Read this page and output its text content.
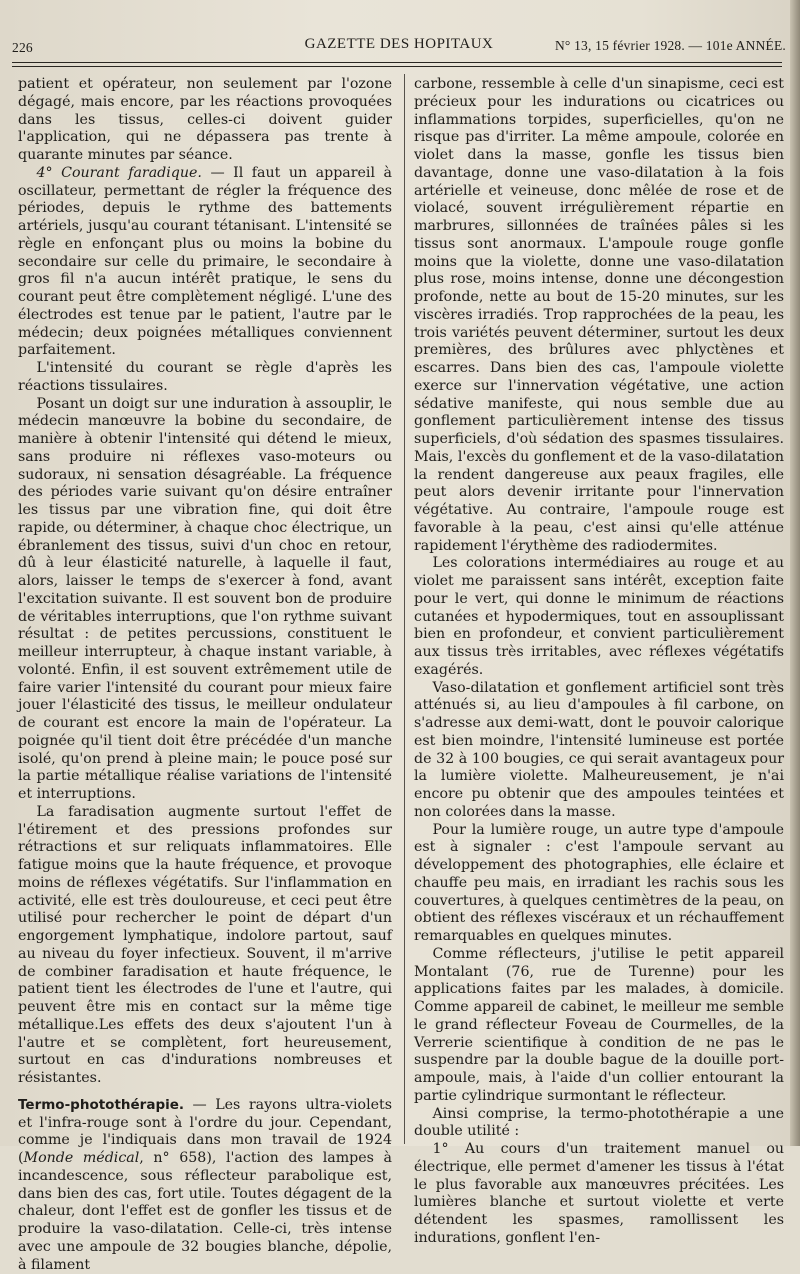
226	GAZETTE DES HOPITAUX	N° 13, 15 février 1928. — 101e ANNÉE.

patient et opérateur, non seulement par l'ozone dégagé, mais encore, par les réactions provoquées dans les tissus, celles-ci doivent guider l'application, qui ne dépassera pas trente à quarante minutes par séance.

4° Courant faradique. — Il faut un appareil à oscillateur, permettant de régler la fréquence des périodes, depuis le rythme des battements artériels, jusqu'au courant tétanisant. L'intensité se règle en enfonçant plus ou moins la bobine du secondaire sur celle du primaire, le secondaire à gros fil n'a aucun intérêt pratique, le sens du courant peut être complètement négligé. L'une des électrodes est tenue par le patient, l'autre par le médecin; deux poignées métalliques conviennent parfaitement.

L'intensité du courant se règle d'après les réactions tissulaires.

Posant un doigt sur une induration à assouplir, le médecin manœuvre la bobine du secondaire, de manière à obtenir l'intensité qui détend le mieux, sans produire ni réflexes vaso-moteurs ou sudoraux, ni sensation désagréable. La fréquence des périodes varie suivant qu'on désire entraîner les tissus par une vibration fine, qui doit être rapide, ou déterminer, à chaque choc électrique, un ébranlement des tissus, suivi d'un choc en retour, dû à leur élasticité naturelle, à laquelle il faut, alors, laisser le temps de s'exercer à fond, avant l'excitation suivante. Il est souvent bon de produire de véritables interruptions, que l'on rythme suivant résultat : de petites percussions, constituent le meilleur interrupteur, à chaque instant variable, à volonté. Enfin, il est souvent extrêmement utile de faire varier l'intensité du courant pour mieux faire jouer l'élasticité des tissus, le meilleur ondulateur de courant est encore la main de l'opérateur. La poignée qu'il tient doit être précédée d'un manche isolé, qu'on prend à pleine main; le pouce posé sur la partie métallique réalise variations de l'intensité et interruptions.

La faradisation augmente surtout l'effet de l'étirement et des pressions profondes sur rétractions et sur reliquats inflammatoires. Elle fatigue moins que la haute fréquence, et provoque moins de réflexes végétatifs. Sur l'inflammation en activité, elle est très douloureuse, et ceci peut être utilisé pour rechercher le point de départ d'un engorgement lymphatique, indolore partout, sauf au niveau du foyer infectieux. Souvent, il m'arrive de combiner faradisation et haute fréquence, le patient tient les électrodes de l'une et l'autre, qui peuvent être mis en contact sur la même tige métallique.Les effets des deux s'ajoutent l'un à l'autre et se complètent, fort heureusement, surtout en cas d'indurations nombreuses et résistantes.

Termo-photothérapie. — Les rayons ultra-violets et l'infra-rouge sont à l'ordre du jour. Cependant, comme je l'indiquais dans mon travail de 1924 (Monde médical, n° 658), l'action des lampes à incandescence, sous réflecteur parabolique est, dans bien des cas, fort utile. Toutes dégagent de la chaleur, dont l'effet est de gonfler les tissus et de produire la vaso-dilatation. Celle-ci, très intense avec une ampoule de 32 bougies blanche, dépolie, à filament

carbone, ressemble à celle d'un sinapisme, ceci est précieux pour les indurations ou cicatrices ou inflammations torpides, superficielles, qu'on ne risque pas d'irriter. La même ampoule, colorée en violet dans la masse, gonfle les tissus bien davantage, donne une vaso-dilatation à la fois artérielle et veineuse, donc mêlée de rose et de violacé, souvent irrégulièrement répartie en marbrures, sillonnées de traînées pâles si les tissus sont anormaux. L'ampoule rouge gonfle moins que la violette, donne une vaso-dilatation plus rose, moins intense, donne une décongestion profonde, nette au bout de 15-20 minutes, sur les viscères irradiés. Trop rapprochées de la peau, les trois variétés peuvent déterminer, surtout les deux premières, des brûlures avec phlyctènes et escarres. Dans bien des cas, l'ampoule violette exerce sur l'innervation végétative, une action sédative manifeste, qui nous semble due au gonflement particulièrement intense des tissus superficiels, d'où sédation des spasmes tissulaires. Mais, l'excès du gonflement et de la vaso-dilatation la rendent dangereuse aux peaux fragiles, elle peut alors devenir irritante pour l'innervation végétative. Au contraire, l'ampoule rouge est favorable à la peau, c'est ainsi qu'elle atténue rapidement l'érythème des radiodermites.

Les colorations intermédiaires au rouge et au violet me paraissent sans intérêt, exception faite pour le vert, qui donne le minimum de réactions cutanées et hypodermiques, tout en assouplissant bien en profondeur, et convient particulièrement aux tissus très irritables, avec réflexes végétatifs exagérés.

Vaso-dilatation et gonflement artificiel sont très atténués si, au lieu d'ampoules à fil carbone, on s'adresse aux demi-watt, dont le pouvoir calorique est bien moindre, l'intensité lumineuse est portée de 32 à 100 bougies, ce qui serait avantageux pour la lumière violette. Malheureusement, je n'ai encore pu obtenir que des ampoules teintées et non colorées dans la masse.

Pour la lumière rouge, un autre type d'ampoule est à signaler : c'est l'ampoule servant au développement des photographies, elle éclaire et chauffe peu mais, en irradiant les rachis sous les couvertures, à quelques centimètres de la peau, on obtient des réflexes viscéraux et un réchauffement remarquables en quelques minutes.

Comme réflecteurs, j'utilise le petit appareil Montalant (76, rue de Turenne) pour les applications faites par les malades, à domicile. Comme appareil de cabinet, le meilleur me semble le grand réflecteur Foveau de Courmelles, de la Verrerie scientifique à condition de ne pas le suspendre par la double bague de la douille port-ampoule, mais, à l'aide d'un collier entourant la partie cylindrique surmontant le réflecteur.

Ainsi comprise, la termo-photothérapie a une double utilité :

1° Au cours d'un traitement manuel ou électrique, elle permet d'amener les tissus à l'état le plus favorable aux manœuvres précitées. Les lumières blanche et surtout violette et verte détendent les spasmes, ramollissent les indurations, gonflent l'en-
